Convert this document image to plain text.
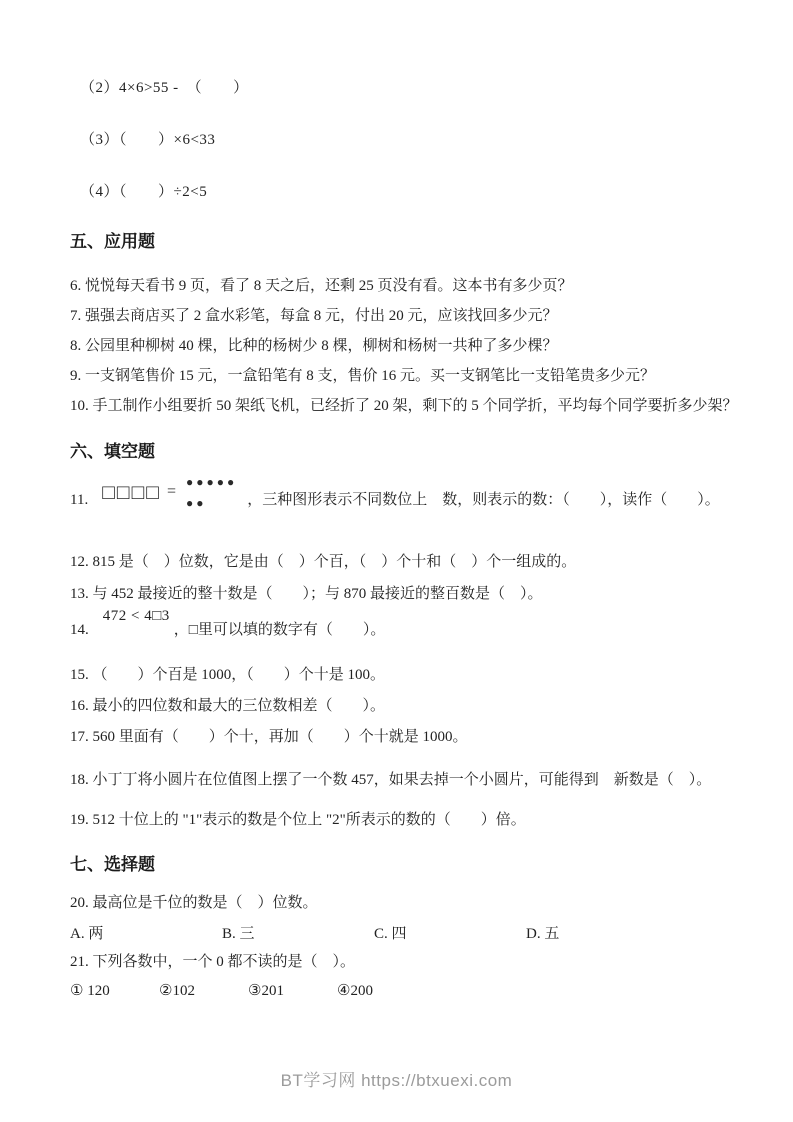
（2）4×6>55 -　（　　）
（3）（　　）×6<33
（4）（　　）÷2<5
五、应用题
6. 悦悦每天看书 9 页，看了 8 天之后，还剩 25 页没有看。这本书有多少页？
7. 强强去商店买了 2 盒水彩笔，每盒 8 元，付出 20 元，应该找回多少元？
8. 公园里种柳树 40 棵，比种的杨树少 8 棵，柳树和杨树一共种了多少棵？
9. 一支钢笔售价 15 元，一盒铅笔有 8 支，售价 16 元。买一支钢笔比一支铅笔贵多少元？
10. 手工制作小组要折 50 架纸飞机，已经折了 20 架，剩下的 5 个同学折，平均每个同学要折多少架？
六、填空题
11. □□□□ =
●●●●●
●●	，三种图形表示不同数位上　数，则表示的数：（　　），读作（　　）。
12. 815 是（　）位数，它是由（　）个百，（　）个十和（　）个一组成的。
13. 与 452 最接近的整十数是（　　）；与 870 最接近的整百数是（　）。
14.
472 < 4□3
，□里可以填的数字有（　　）。
15. （　　）个百是 1000，（　　）个十是 100。
16. 最小的四位数和最大的三位数相差（　　）。
17. 560 里面有（　　）个十，再加（　　）个十就是 1000。
18. 小丁丁将小圆片在位值图上摆了一个数 457，如果去掉一个小圆片，可能得到　新数是（　）。
19. 512 十位上的 "1"表示的数是个位上 "2"所表示的数的（　　）倍。
七、选择题
20. 最高位是千位的数是（　）位数。
A. 两	B. 三	C. 四	D. 五
21. 下列各数中，一个 0 都不读的是（　）。
① 120	②102	③201	④200
BT学习网 https://btxuexi.com
